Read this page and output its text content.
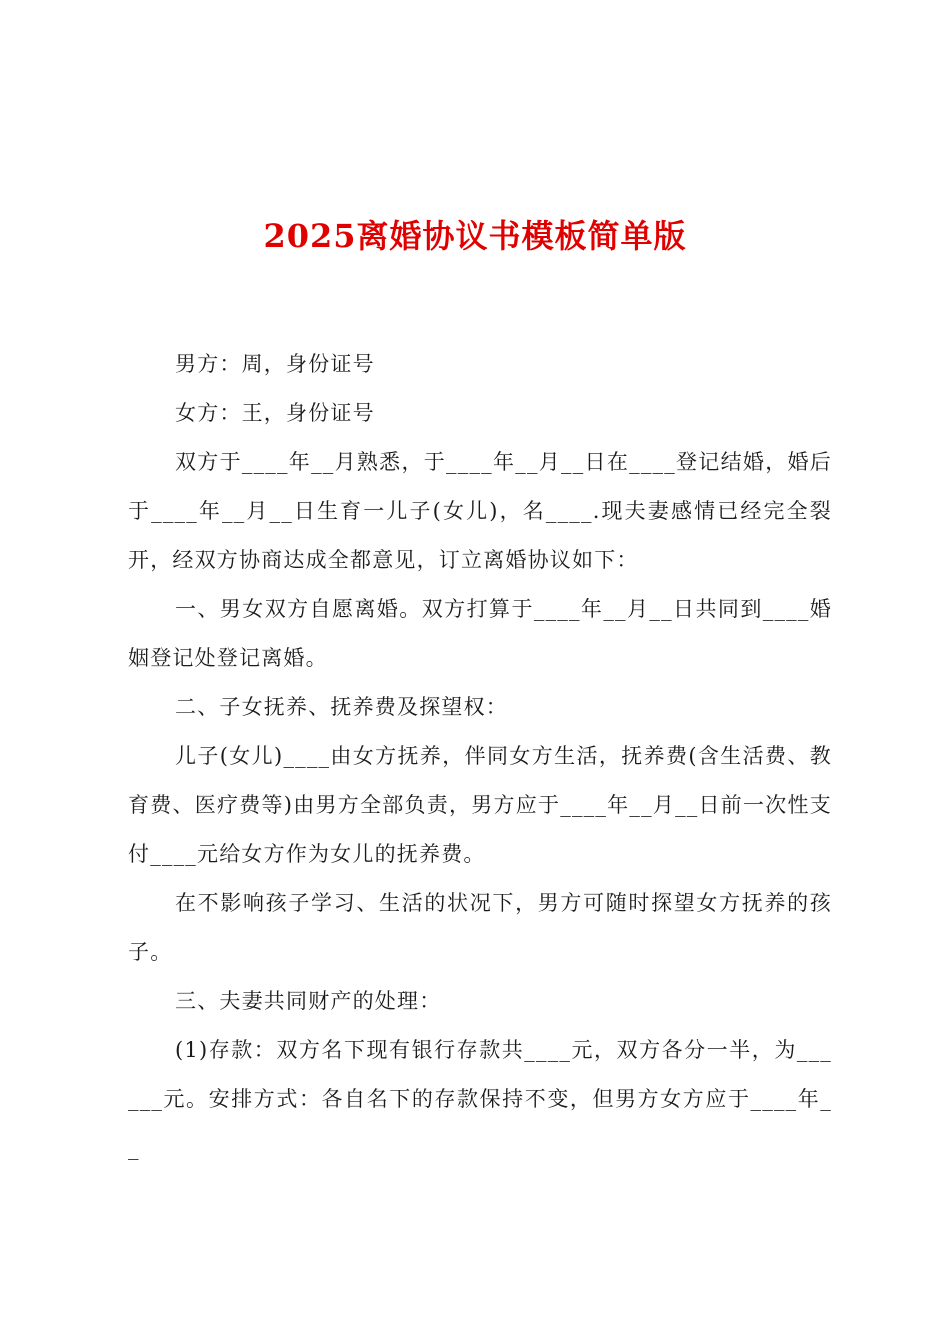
2025离婚协议书模板简单版

男方：周，身份证号

女方：王，身份证号

双方于____年__月熟悉，于____年__月__日在____登记结婚，婚后于____年__月__日生育一儿子(女儿)，名____.现夫妻感情已经完全裂开，经双方协商达成全都意见，订立离婚协议如下：

一、男女双方自愿离婚。双方打算于____年__月__日共同到____婚姻登记处登记离婚。

二、子女抚养、抚养费及探望权：

儿子(女儿)____由女方抚养，伴同女方生活，抚养费(含生活费、教育费、医疗费等)由男方全部负责，男方应于____年__月__日前一次性支付____元给女方作为女儿的抚养费。

在不影响孩子学习、生活的状况下，男方可随时探望女方抚养的孩子。

三、夫妻共同财产的处理：

(1)存款：双方名下现有银行存款共____元，双方各分一半，为______元。安排方式：各自名下的存款保持不变，但男方女方应于____年__
